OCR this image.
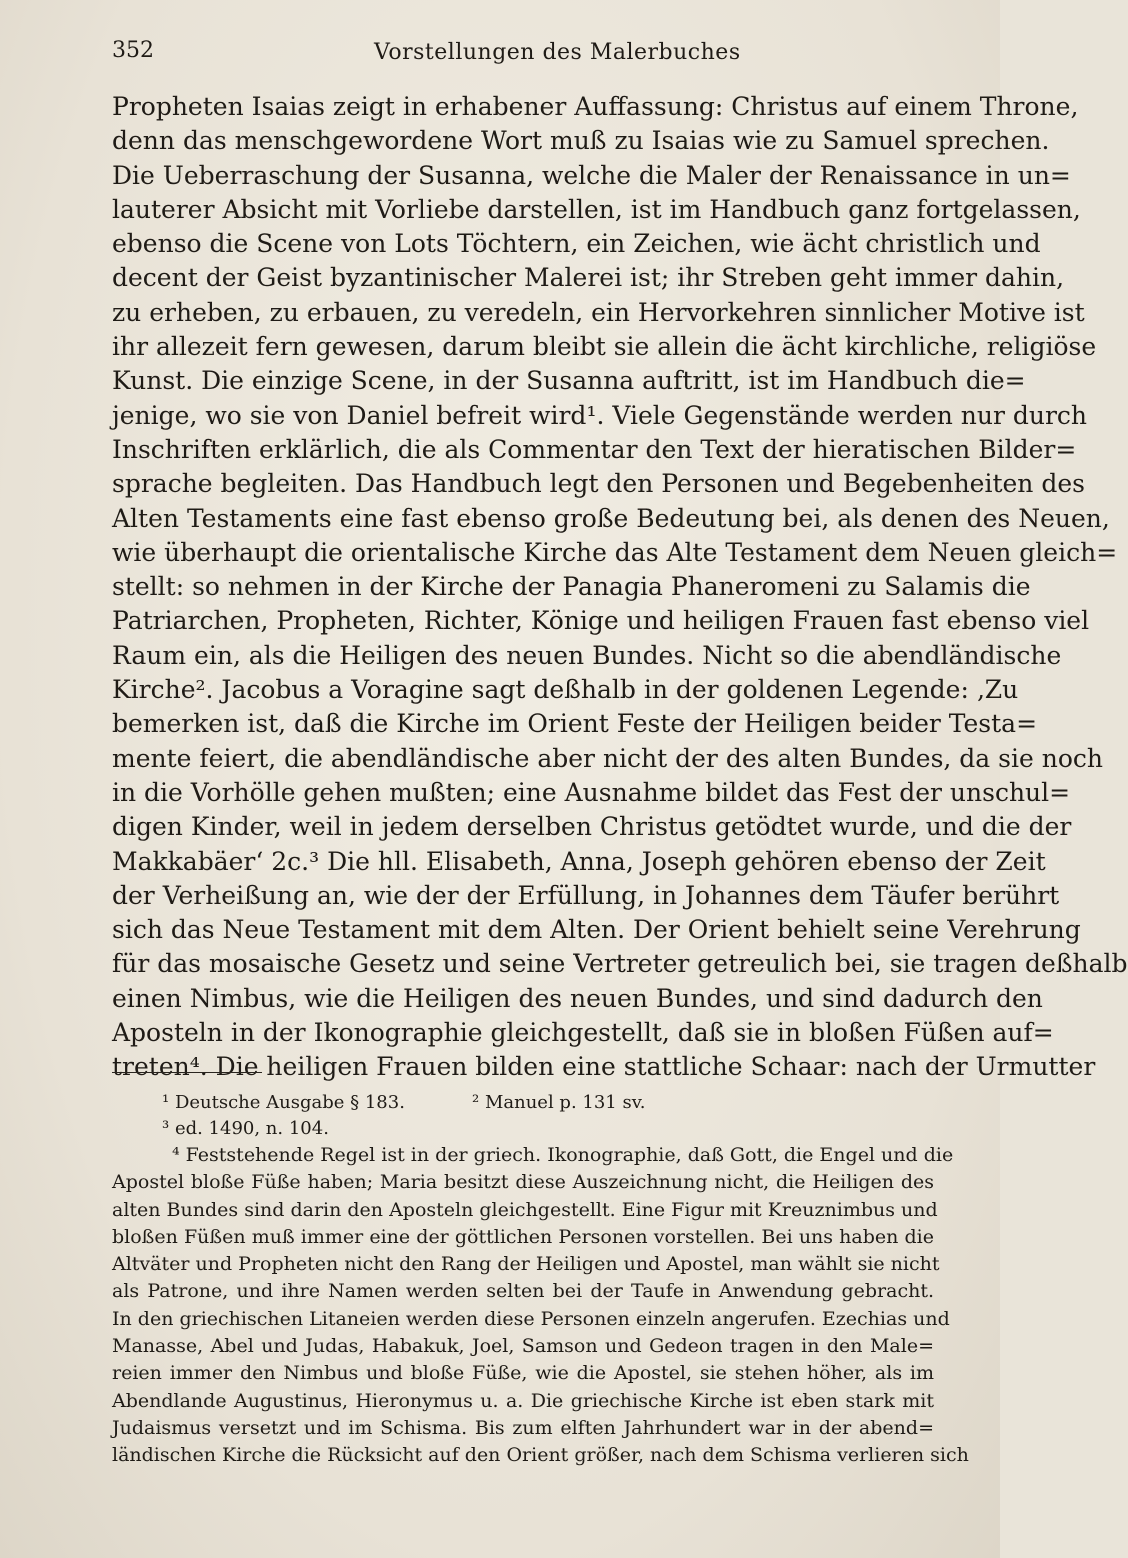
352	Vorstellungen des Malerbuches
Propheten Isaias zeigt in erhabener Auffassung: Christus auf einem Throne,
denn das menschgewordene Wort muß zu Isaias wie zu Samuel sprechen.
Die Ueberraschung der Susanna, welche die Maler der Renaissance in un=
lauterer Absicht mit Vorliebe darstellen, ist im Handbuch ganz fortgelassen,
ebenso die Scene von Lots Töchtern, ein Zeichen, wie ächt christlich und
decent der Geist byzantinischer Malerei ist; ihr Streben geht immer dahin,
zu erheben, zu erbauen, zu veredeln, ein Hervorkehren sinnlicher Motive ist
ihr allezeit fern gewesen, darum bleibt sie allein die ächt kirchliche, religiöse
Kunst. Die einzige Scene, in der Susanna auftritt, ist im Handbuch die=
jenige, wo sie von Daniel befreit wird¹. Viele Gegenstände werden nur durch
Inschriften erklärlich, die als Commentar den Text der hieratischen Bilder=
sprache begleiten. Das Handbuch legt den Personen und Begebenheiten des
Alten Testaments eine fast ebenso große Bedeutung bei, als denen des Neuen,
wie überhaupt die orientalische Kirche das Alte Testament dem Neuen gleich=
stellt: so nehmen in der Kirche der Panagia Phaneromeni zu Salamis die
Patriarchen, Propheten, Richter, Könige und heiligen Frauen fast ebenso viel
Raum ein, als die Heiligen des neuen Bundes. Nicht so die abendländische
Kirche². Jacobus a Voragine sagt deßhalb in der goldenen Legende: ‚Zu
bemerken ist, daß die Kirche im Orient Feste der Heiligen beider Testa=
mente feiert, die abendländische aber nicht der des alten Bundes, da sie noch
in die Vorhölle gehen mußten; eine Ausnahme bildet das Fest der unschul=
digen Kinder, weil in jedem derselben Christus getödtet wurde, und die der
Makkabäer‘ 2c.³ Die hll. Elisabeth, Anna, Joseph gehören ebenso der Zeit
der Verheißung an, wie der der Erfüllung, in Johannes dem Täufer berührt
sich das Neue Testament mit dem Alten. Der Orient behielt seine Verehrung
für das mosaische Gesetz und seine Vertreter getreulich bei, sie tragen deßhalb
einen Nimbus, wie die Heiligen des neuen Bundes, und sind dadurch den
Aposteln in der Ikonographie gleichgestellt, daß sie in bloßen Füßen auf=
treten⁴. Die heiligen Frauen bilden eine stattliche Schaar: nach der Urmutter
¹ Deutsche Ausgabe § 183.	² Manuel p. 131 sv.
³ ed. 1490, n. 104.
⁴ Feststehende Regel ist in der griech. Ikonographie, daß Gott, die Engel und die
Apostel bloße Füße haben; Maria besitzt diese Auszeichnung nicht, die Heiligen des
alten Bundes sind darin den Aposteln gleichgestellt. Eine Figur mit Kreuznimbus und
bloßen Füßen muß immer eine der göttlichen Personen vorstellen. Bei uns haben die
Altväter und Propheten nicht den Rang der Heiligen und Apostel, man wählt sie nicht
als Patrone, und ihre Namen werden selten bei der Taufe in Anwendung gebracht.
In den griechischen Litaneien werden diese Personen einzeln angerufen. Ezechias und
Manasse, Abel und Judas, Habakuk, Joel, Samson und Gedeon tragen in den Male=
reien immer den Nimbus und bloße Füße, wie die Apostel, sie stehen höher, als im
Abendlande Augustinus, Hieronymus u. a. Die griechische Kirche ist eben stark mit
Judaismus versetzt und im Schisma. Bis zum elften Jahrhundert war in der abend=
ländischen Kirche die Rücksicht auf den Orient größer, nach dem Schisma verlieren sich
